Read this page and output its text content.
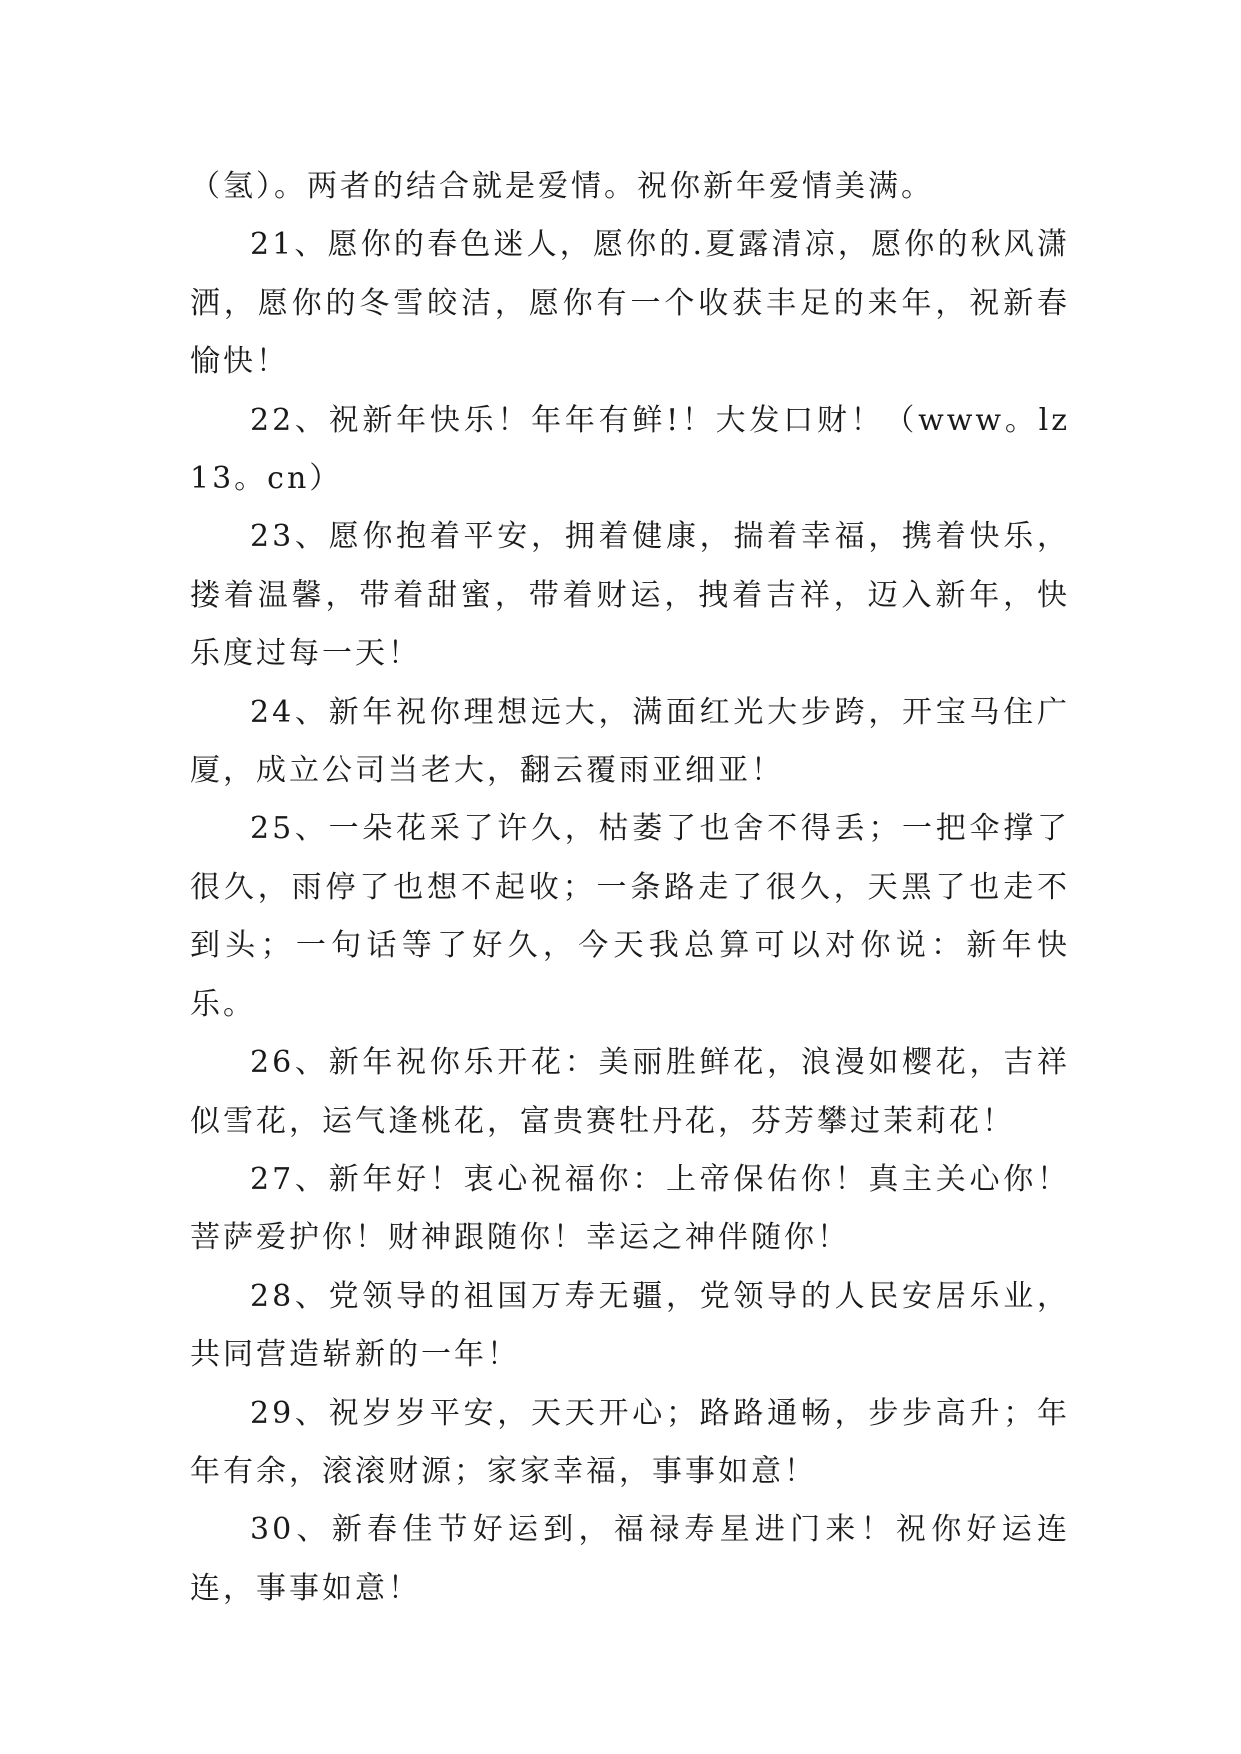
（氢）。两者的结合就是爱情。祝你新年爱情美满。

21、愿你的春色迷人，愿你的.夏露清凉，愿你的秋风潇洒，愿你的冬雪皎洁，愿你有一个收获丰足的来年，祝新春愉快！

22、祝新年快乐！年年有鲜!！大发口财！（www。lz13。cn）

23、愿你抱着平安，拥着健康，揣着幸福，携着快乐，搂着温馨，带着甜蜜，带着财运，拽着吉祥，迈入新年，快乐度过每一天！

24、新年祝你理想远大，满面红光大步跨，开宝马住广厦，成立公司当老大，翻云覆雨亚细亚！

25、一朵花采了许久，枯萎了也舍不得丢；一把伞撑了很久，雨停了也想不起收；一条路走了很久，天黑了也走不到头；一句话等了好久，今天我总算可以对你说：新年快乐。

26、新年祝你乐开花：美丽胜鲜花，浪漫如樱花，吉祥似雪花，运气逢桃花，富贵赛牡丹花，芬芳攀过茉莉花！

27、新年好！衷心祝福你：上帝保佑你！真主关心你！菩萨爱护你！财神跟随你！幸运之神伴随你！

28、党领导的祖国万寿无疆，党领导的人民安居乐业，共同营造崭新的一年！

29、祝岁岁平安，天天开心；路路通畅，步步高升；年年有余，滚滚财源；家家幸福，事事如意！

30、新春佳节好运到，福禄寿星进门来！祝你好运连连，事事如意！
